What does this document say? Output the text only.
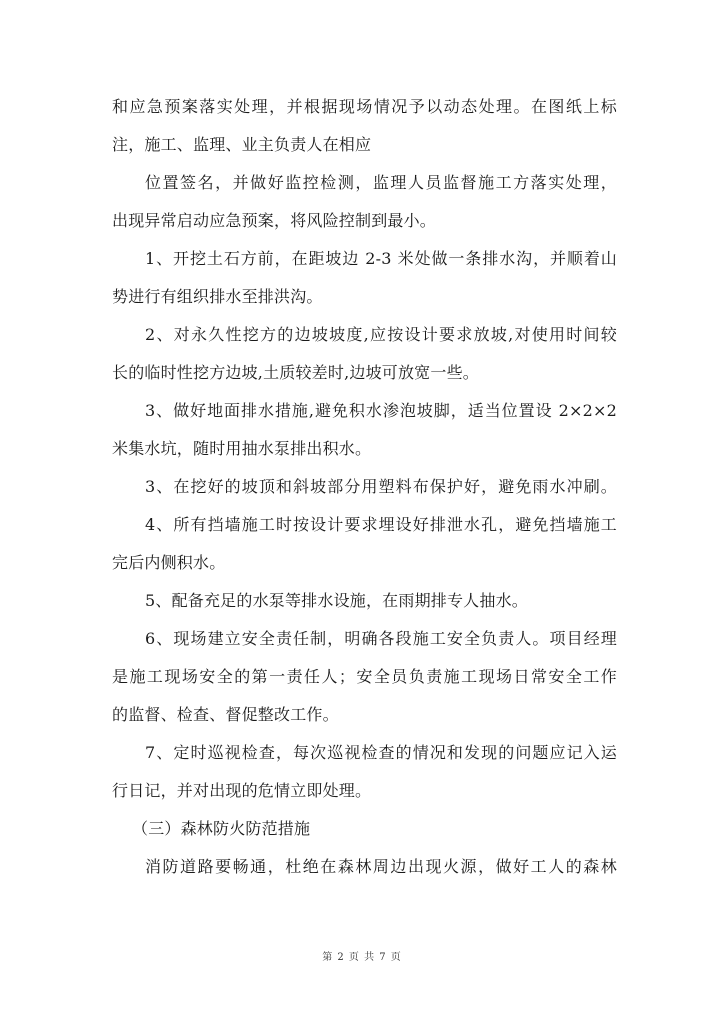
和应急预案落实处理，并根据现场情况予以动态处理。在图纸上标
注，施工、监理、业主负责人在相应
位置签名，并做好监控检测，监理人员监督施工方落实处理，
出现异常启动应急预案，将风险控制到最小。
1、开挖土石方前，在距坡边 2-3 米处做一条排水沟，并顺着山
势进行有组织排水至排洪沟。
2、对永久性挖方的边坡坡度,应按设计要求放坡,对使用时间较
长的临时性挖方边坡,土质较差时,边坡可放宽一些。
3、做好地面排水措施,避免积水渗泡坡脚，适当位置设 2×2×2
米集水坑，随时用抽水泵排出积水。
3、在挖好的坡顶和斜坡部分用塑料布保护好，避免雨水冲刷。
4、所有挡墙施工时按设计要求埋设好排泄水孔，避免挡墙施工
完后内侧积水。
5、配备充足的水泵等排水设施，在雨期排专人抽水。
6、现场建立安全责任制，明确各段施工安全负责人。项目经理
是施工现场安全的第一责任人；安全员负责施工现场日常安全工作
的监督、检查、督促整改工作。
7、定时巡视检查，每次巡视检查的情况和发现的问题应记入运
行日记，并对出现的危情立即处理。
（三）森林防火防范措施
消防道路要畅通，杜绝在森林周边出现火源，做好工人的森林
第 2 页 共 7 页
